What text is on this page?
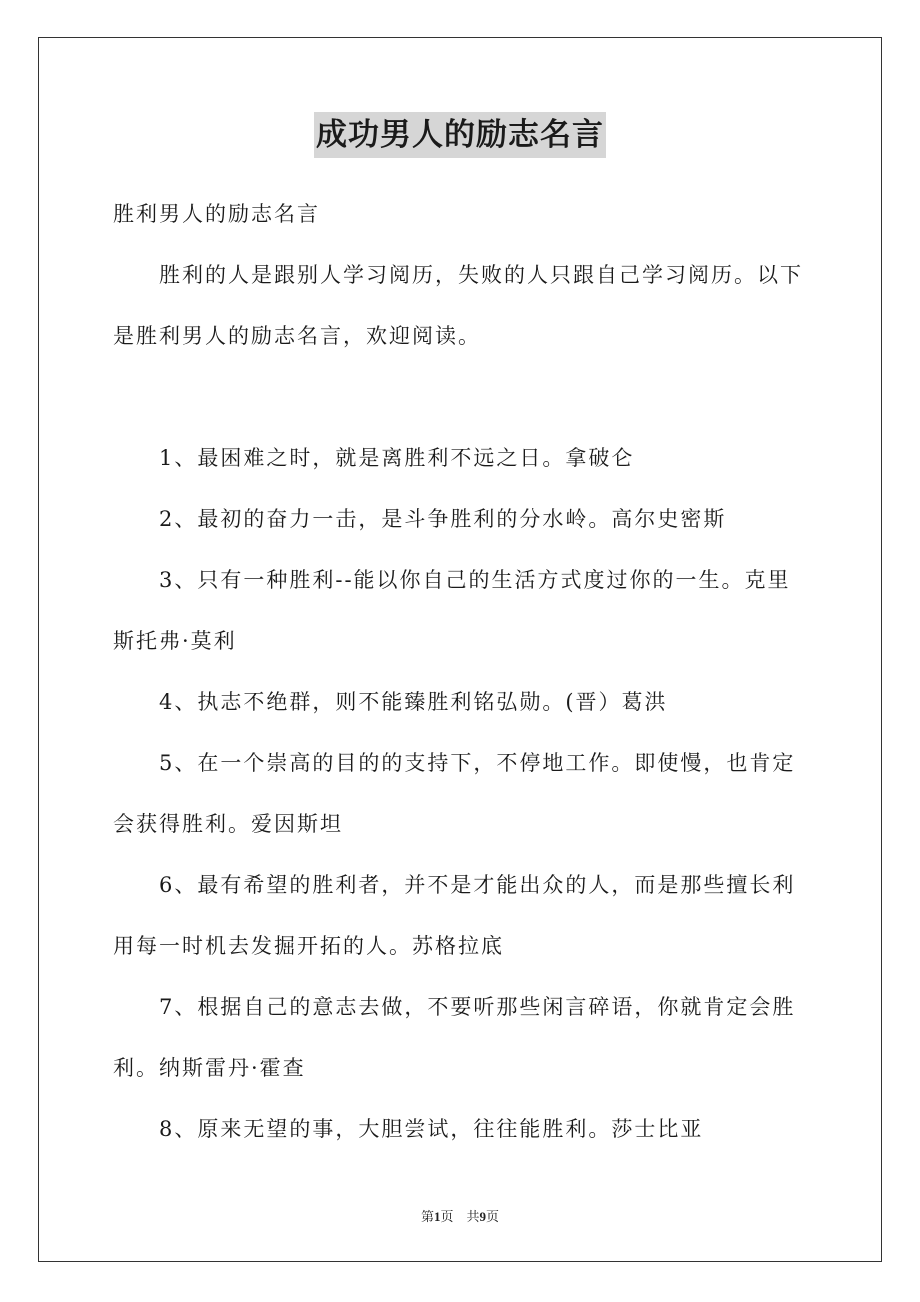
成功男人的励志名言

胜利男人的励志名言

胜利的人是跟别人学习阅历，失败的人只跟自己学习阅历。以下是胜利男人的励志名言，欢迎阅读。

1、最困难之时，就是离胜利不远之日。拿破仑

2、最初的奋力一击，是斗争胜利的分水岭。高尔史密斯

3、只有一种胜利--能以你自己的生活方式度过你的一生。克里斯托弗·莫利

4、执志不绝群，则不能臻胜利铭弘勋。(晋）葛洪

5、在一个崇高的目的的支持下，不停地工作。即使慢，也肯定会获得胜利。爱因斯坦

6、最有希望的胜利者，并不是才能出众的人，而是那些擅长利用每一时机去发掘开拓的人。苏格拉底

7、根据自己的意志去做，不要听那些闲言碎语，你就肯定会胜利。纳斯雷丹·霍查

8、原来无望的事，大胆尝试，往往能胜利。莎士比亚

第1页　共9页
